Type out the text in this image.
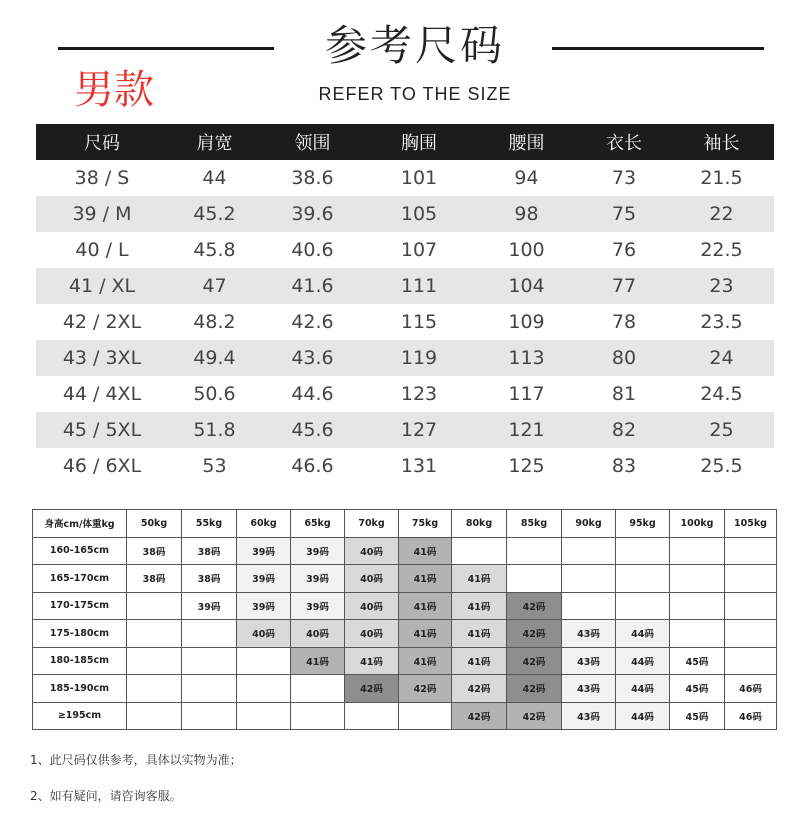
参考尺码
REFER TO THE SIZE
男款
尺码	肩宽	领围	胸围	腰围	衣长	袖长
38 / S	44	38.6	101	94	73	21.5
39 / M	45.2	39.6	105	98	75	22
40 / L	45.8	40.6	107	100	76	22.5
41 / XL	47	41.6	111	104	77	23
42 / 2XL	48.2	42.6	115	109	78	23.5
43 / 3XL	49.4	43.6	119	113	80	24
44 / 4XL	50.6	44.6	123	117	81	24.5
45 / 5XL	51.8	45.6	127	121	82	25
46 / 6XL	53	46.6	131	125	83	25.5
身高cm/体重kg	50kg	55kg	60kg	65kg	70kg	75kg	80kg	85kg	90kg	95kg	100kg	105kg
160-165cm	38码	38码	39码	39码	40码	41码						
165-170cm	38码	38码	39码	39码	40码	41码	41码					
170-175cm		39码	39码	39码	40码	41码	41码	42码				
175-180cm			40码	40码	40码	41码	41码	42码	43码	44码		
180-185cm				41码	41码	41码	41码	42码	43码	44码	45码	
185-190cm					42码	42码	42码	42码	43码	44码	45码	46码
≥195cm							42码	42码	43码	44码	45码	46码
1、此尺码仅供参考，具体以实物为准；
2、如有疑问，请咨询客服。
